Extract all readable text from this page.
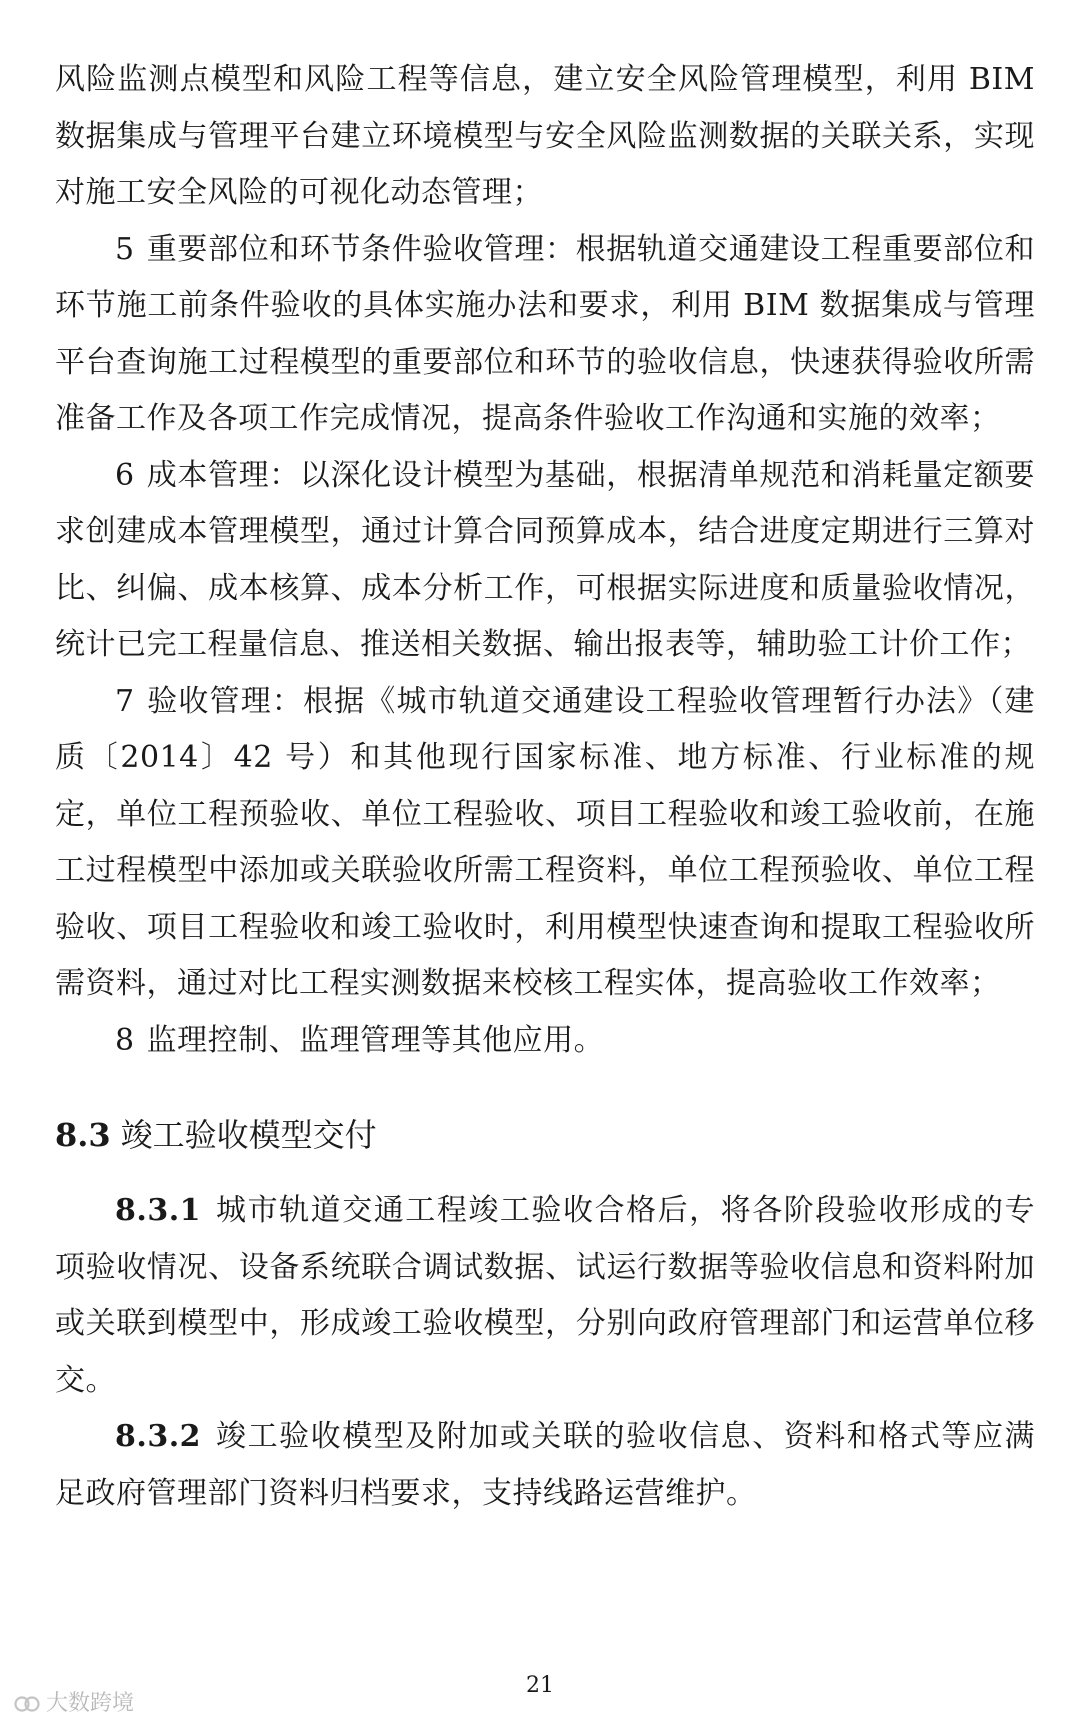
风险监测点模型和风险工程等信息，建立安全风险管理模型，利用 BIM 数据集成与管理平台建立环境模型与安全风险监测数据的关联关系，实现对施工安全风险的可视化动态管理；

5 重要部位和环节条件验收管理：根据轨道交通建设工程重要部位和环节施工前条件验收的具体实施办法和要求，利用 BIM 数据集成与管理平台查询施工过程模型的重要部位和环节的验收信息，快速获得验收所需准备工作及各项工作完成情况，提高条件验收工作沟通和实施的效率；

6 成本管理：以深化设计模型为基础，根据清单规范和消耗量定额要求创建成本管理模型，通过计算合同预算成本，结合进度定期进行三算对比、纠偏、成本核算、成本分析工作，可根据实际进度和质量验收情况，统计已完工程量信息、推送相关数据、输出报表等，辅助验工计价工作；

7 验收管理：根据《城市轨道交通建设工程验收管理暂行办法》（建质〔2014〕42 号）和其他现行国家标准、地方标准、行业标准的规定，单位工程预验收、单位工程验收、项目工程验收和竣工验收前，在施工过程模型中添加或关联验收所需工程资料，单位工程预验收、单位工程验收、项目工程验收和竣工验收时，利用模型快速查询和提取工程验收所需资料，通过对比工程实测数据来校核工程实体，提高验收工作效率；

8 监理控制、监理管理等其他应用。

8.3 竣工验收模型交付

8.3.1 城市轨道交通工程竣工验收合格后，将各阶段验收形成的专项验收情况、设备系统联合调试数据、试运行数据等验收信息和资料附加或关联到模型中，形成竣工验收模型，分别向政府管理部门和运营单位移交。

8.3.2 竣工验收模型及附加或关联的验收信息、资料和格式等应满足政府管理部门资料归档要求，支持线路运营维护。

21
大数跨境
